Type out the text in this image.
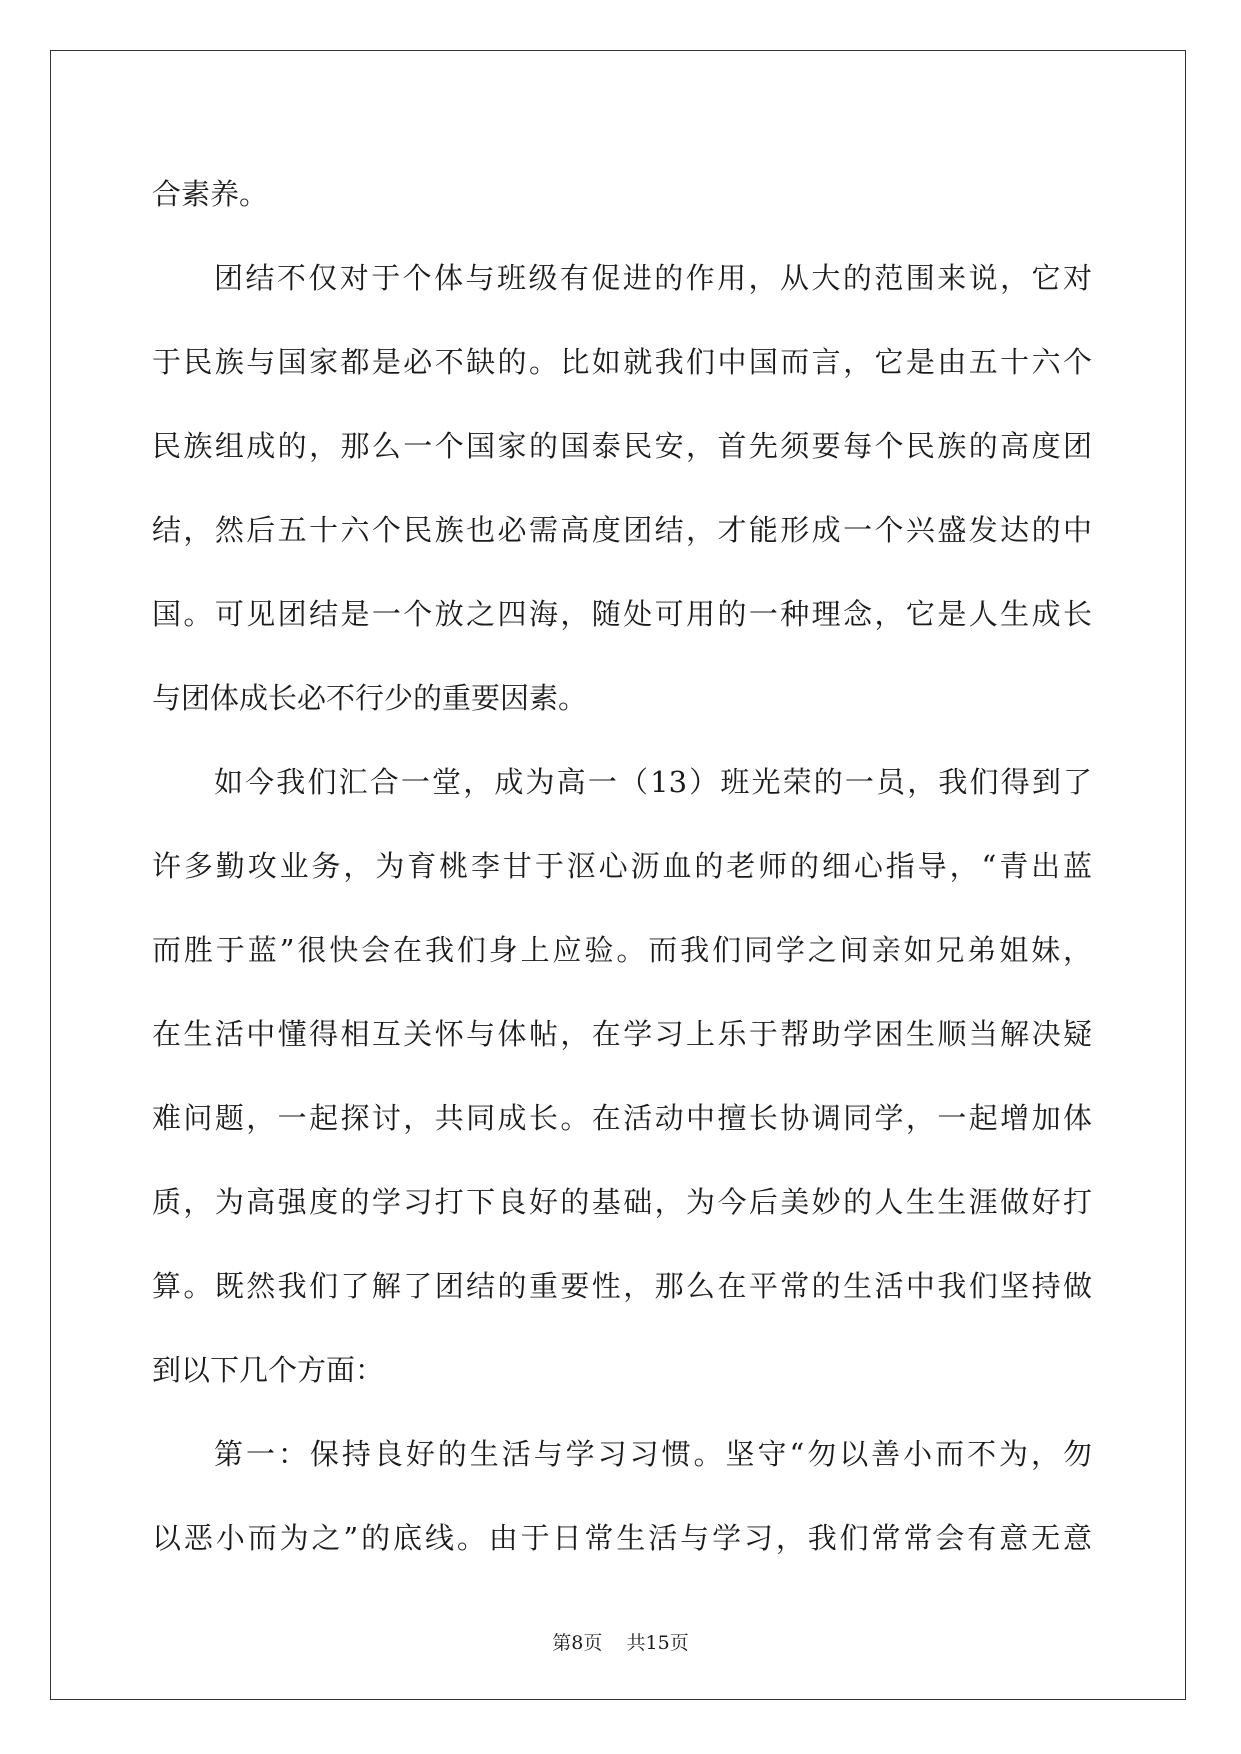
合素养。
团结不仅对于个体与班级有促进的作用，从大的范围来说，它对
于民族与国家都是必不缺的。比如就我们中国而言，它是由五十六个
民族组成的，那么一个国家的国泰民安，首先须要每个民族的高度团
结，然后五十六个民族也必需高度团结，才能形成一个兴盛发达的中
国。可见团结是一个放之四海，随处可用的一种理念，它是人生成长
与团体成长必不行少的重要因素。
如今我们汇合一堂，成为高一（13）班光荣的一员，我们得到了
许多勤攻业务，为育桃李甘于沤心沥血的老师的细心指导，“青出蓝
而胜于蓝”很快会在我们身上应验。而我们同学之间亲如兄弟姐妹，
在生活中懂得相互关怀与体帖，在学习上乐于帮助学困生顺当解决疑
难问题，一起探讨，共同成长。在活动中擅长协调同学，一起增加体
质，为高强度的学习打下良好的基础，为今后美妙的人生生涯做好打
算。既然我们了解了团结的重要性，那么在平常的生活中我们坚持做
到以下几个方面：
第一：保持良好的生活与学习习惯。坚守“勿以善小而不为，勿
以恶小而为之”的底线。由于日常生活与学习，我们常常会有意无意
第8页 共15页
